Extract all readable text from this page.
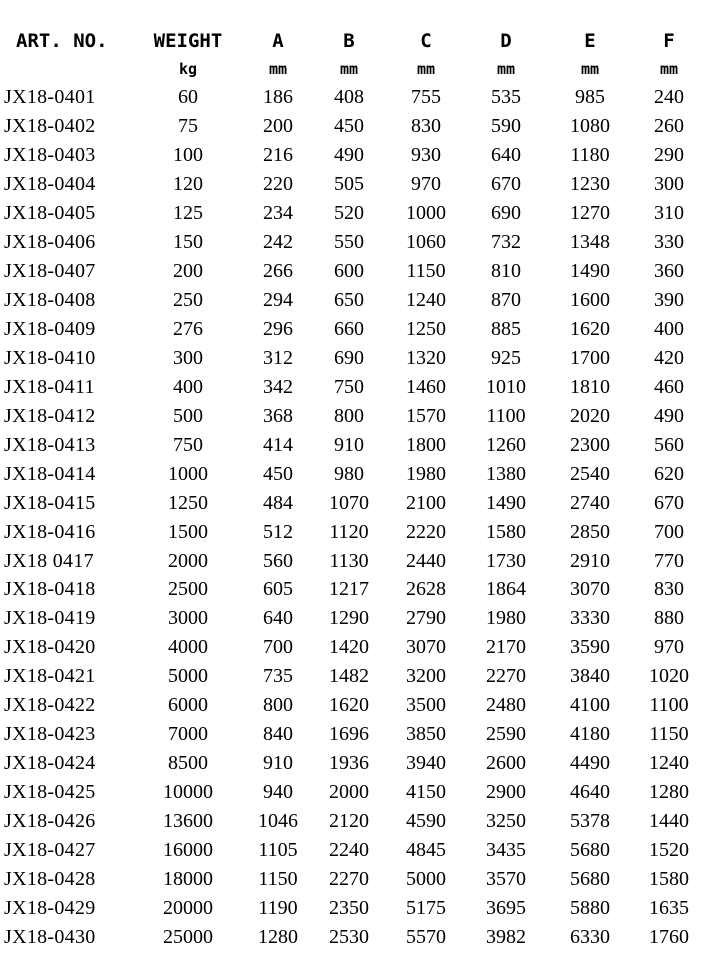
ART. NO.	WEIGHT	A	B	C	D	E	F
	kg	mm	mm	mm	mm	mm	mm
JX18-0401	60	186	408	755	535	985	240
JX18-0402	75	200	450	830	590	1080	260
JX18-0403	100	216	490	930	640	1180	290
JX18-0404	120	220	505	970	670	1230	300
JX18-0405	125	234	520	1000	690	1270	310
JX18-0406	150	242	550	1060	732	1348	330
JX18-0407	200	266	600	1150	810	1490	360
JX18-0408	250	294	650	1240	870	1600	390
JX18-0409	276	296	660	1250	885	1620	400
JX18-0410	300	312	690	1320	925	1700	420
JX18-0411	400	342	750	1460	1010	1810	460
JX18-0412	500	368	800	1570	1100	2020	490
JX18-0413	750	414	910	1800	1260	2300	560
JX18-0414	1000	450	980	1980	1380	2540	620
JX18-0415	1250	484	1070	2100	1490	2740	670
JX18-0416	1500	512	1120	2220	1580	2850	700
JX18 0417	2000	560	1130	2440	1730	2910	770
JX18-0418	2500	605	1217	2628	1864	3070	830
JX18-0419	3000	640	1290	2790	1980	3330	880
JX18-0420	4000	700	1420	3070	2170	3590	970
JX18-0421	5000	735	1482	3200	2270	3840	1020
JX18-0422	6000	800	1620	3500	2480	4100	1100
JX18-0423	7000	840	1696	3850	2590	4180	1150
JX18-0424	8500	910	1936	3940	2600	4490	1240
JX18-0425	10000	940	2000	4150	2900	4640	1280
JX18-0426	13600	1046	2120	4590	3250	5378	1440
JX18-0427	16000	1105	2240	4845	3435	5680	1520
JX18-0428	18000	1150	2270	5000	3570	5680	1580
JX18-0429	20000	1190	2350	5175	3695	5880	1635
JX18-0430	25000	1280	2530	5570	3982	6330	1760
